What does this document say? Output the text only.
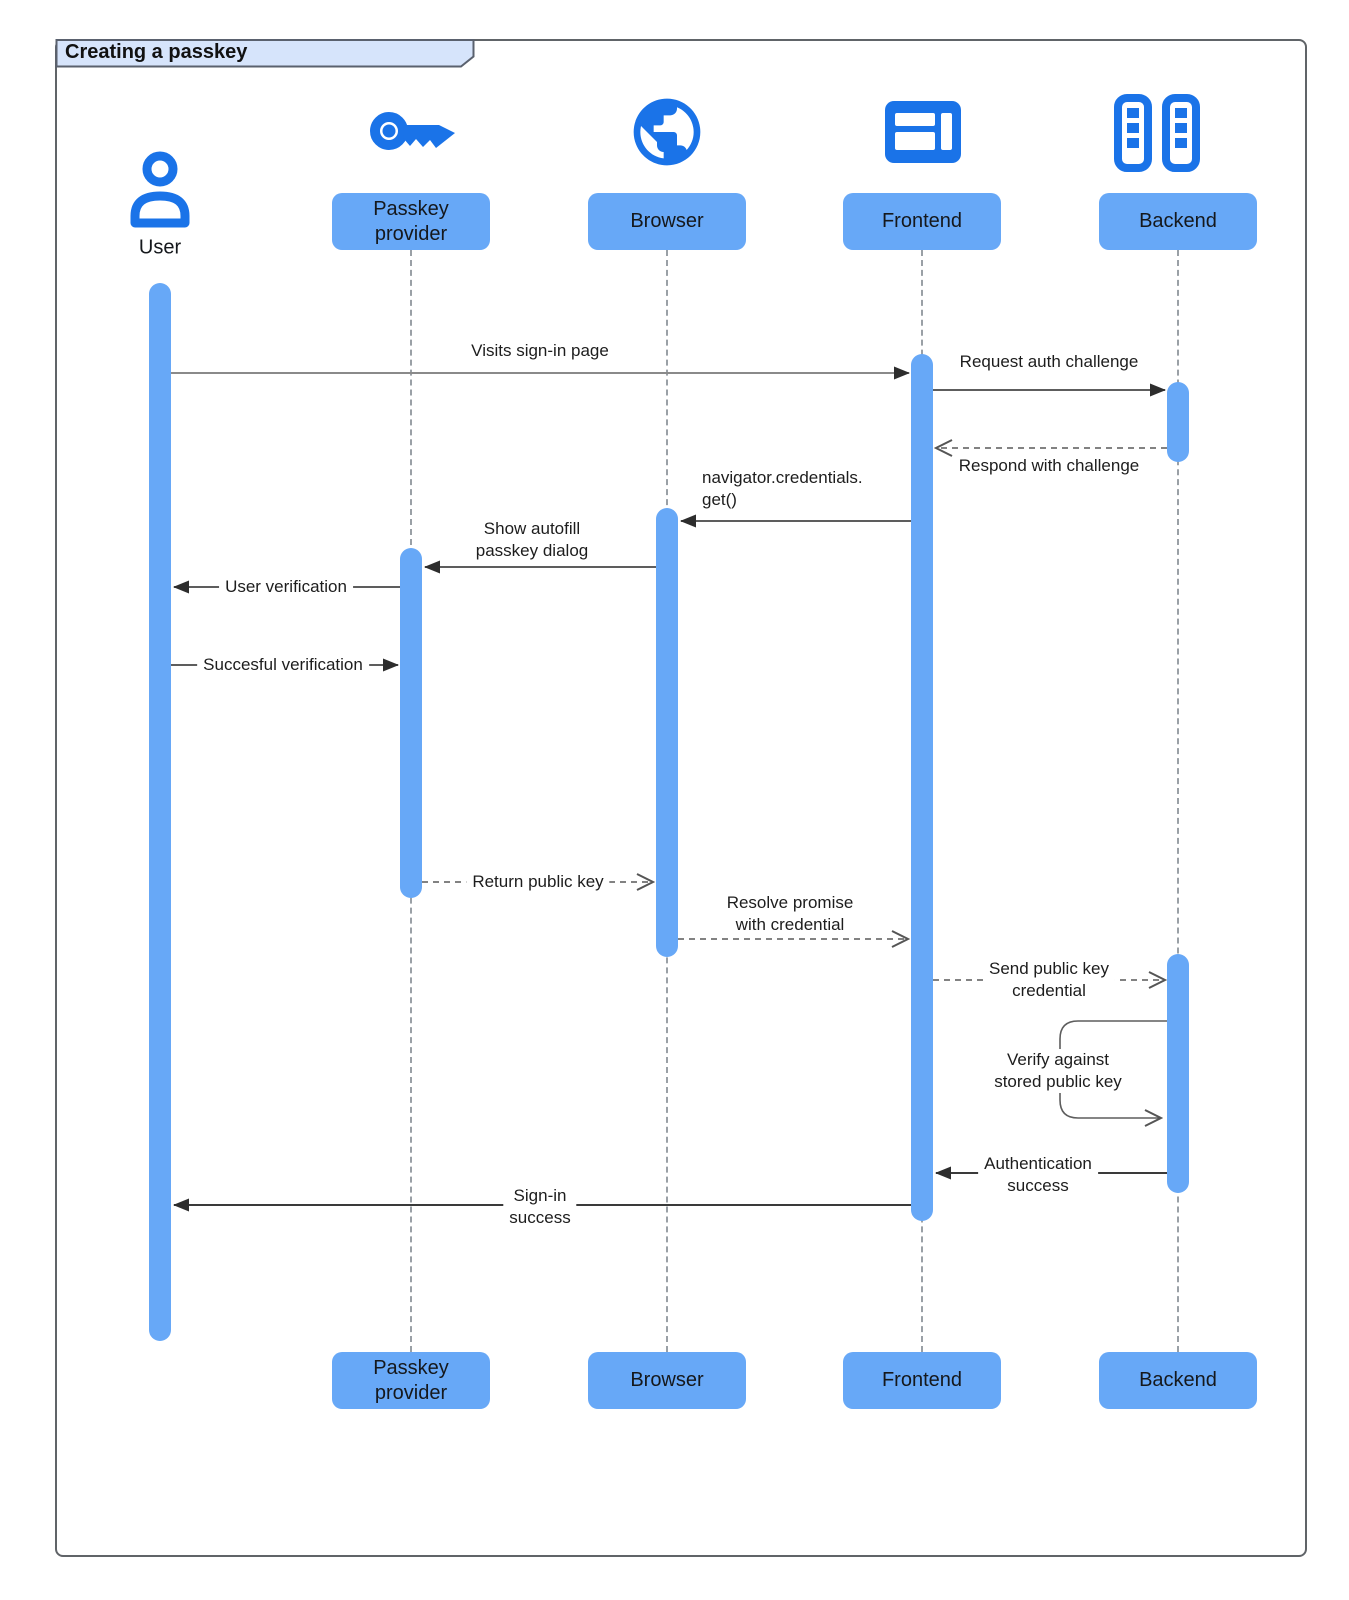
Creating a passkey
User
Passkey provider
Browser	Frontend	Backend
Visits sign-in page
Request auth challenge
Respond with challenge
navigator.credentials.
get()
Show autofill
passkey dialog
User verification
Succesful verification
Return public key
Resolve promise
with credential
Send public key
credential
Verify against
stored public key
Authentication
success
Sign-in
success
Passkey provider
Browser	Frontend	Backend
